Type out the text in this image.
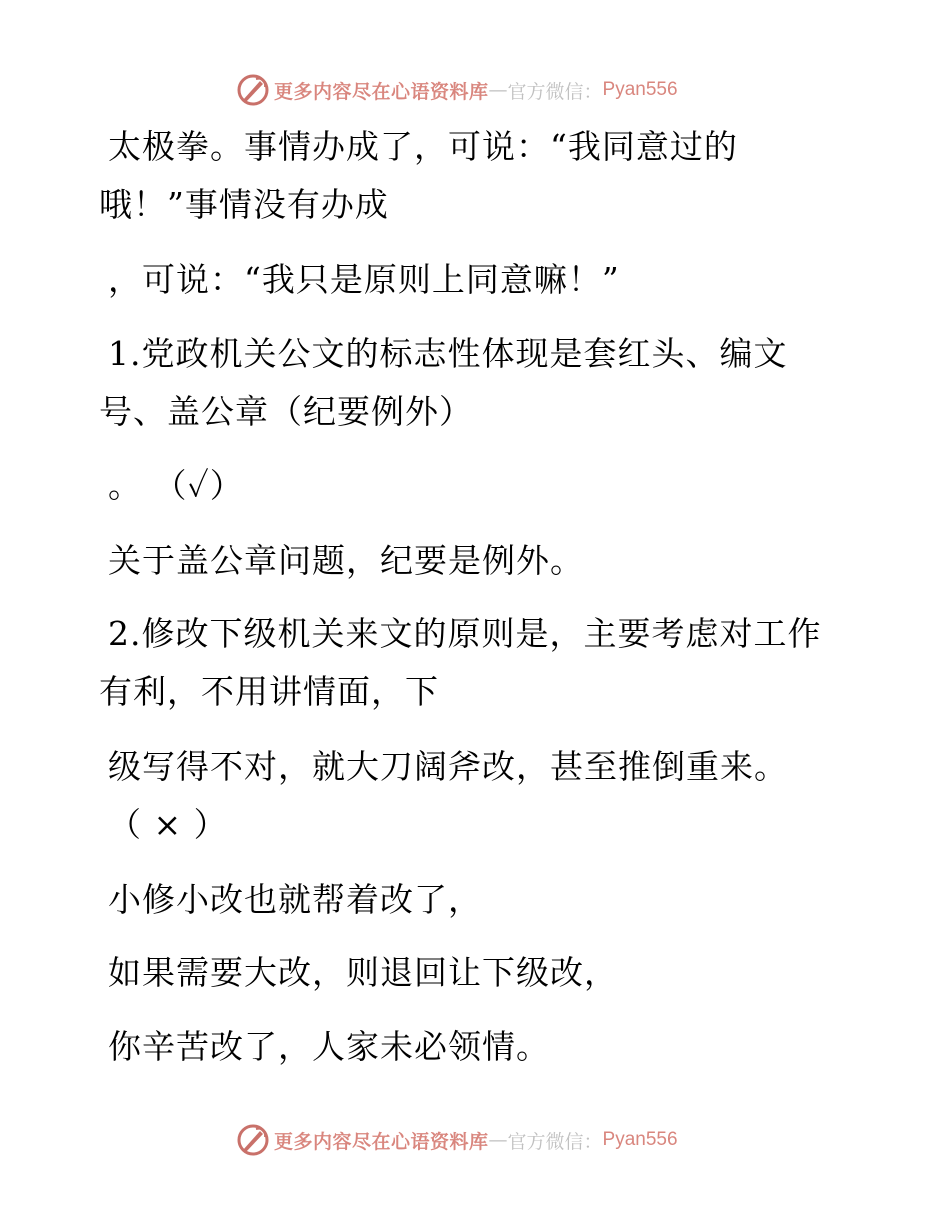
更多内容尽在心语资料库 — 官方微信： Pyan556
太极拳。事情办成了，可说：“我同意过的
哦！”事情没有办成
，可说：“我只是原则上同意嘛！”
1.党政机关公文的标志性体现是套红头、编文
号、盖公章（纪要例外）
。 （✓）
关于盖公章问题，纪要是例外。
2.修改下级机关来文的原则是，主要考虑对工作
有利，不用讲情面，下
级写得不对，就大刀阔斧改，甚至推倒重来。
（ × ）
小修小改也就帮着改了，
如果需要大改，则退回让下级改，
你辛苦改了，人家未必领情。
更多内容尽在心语资料库 — 官方微信： Pyan556
